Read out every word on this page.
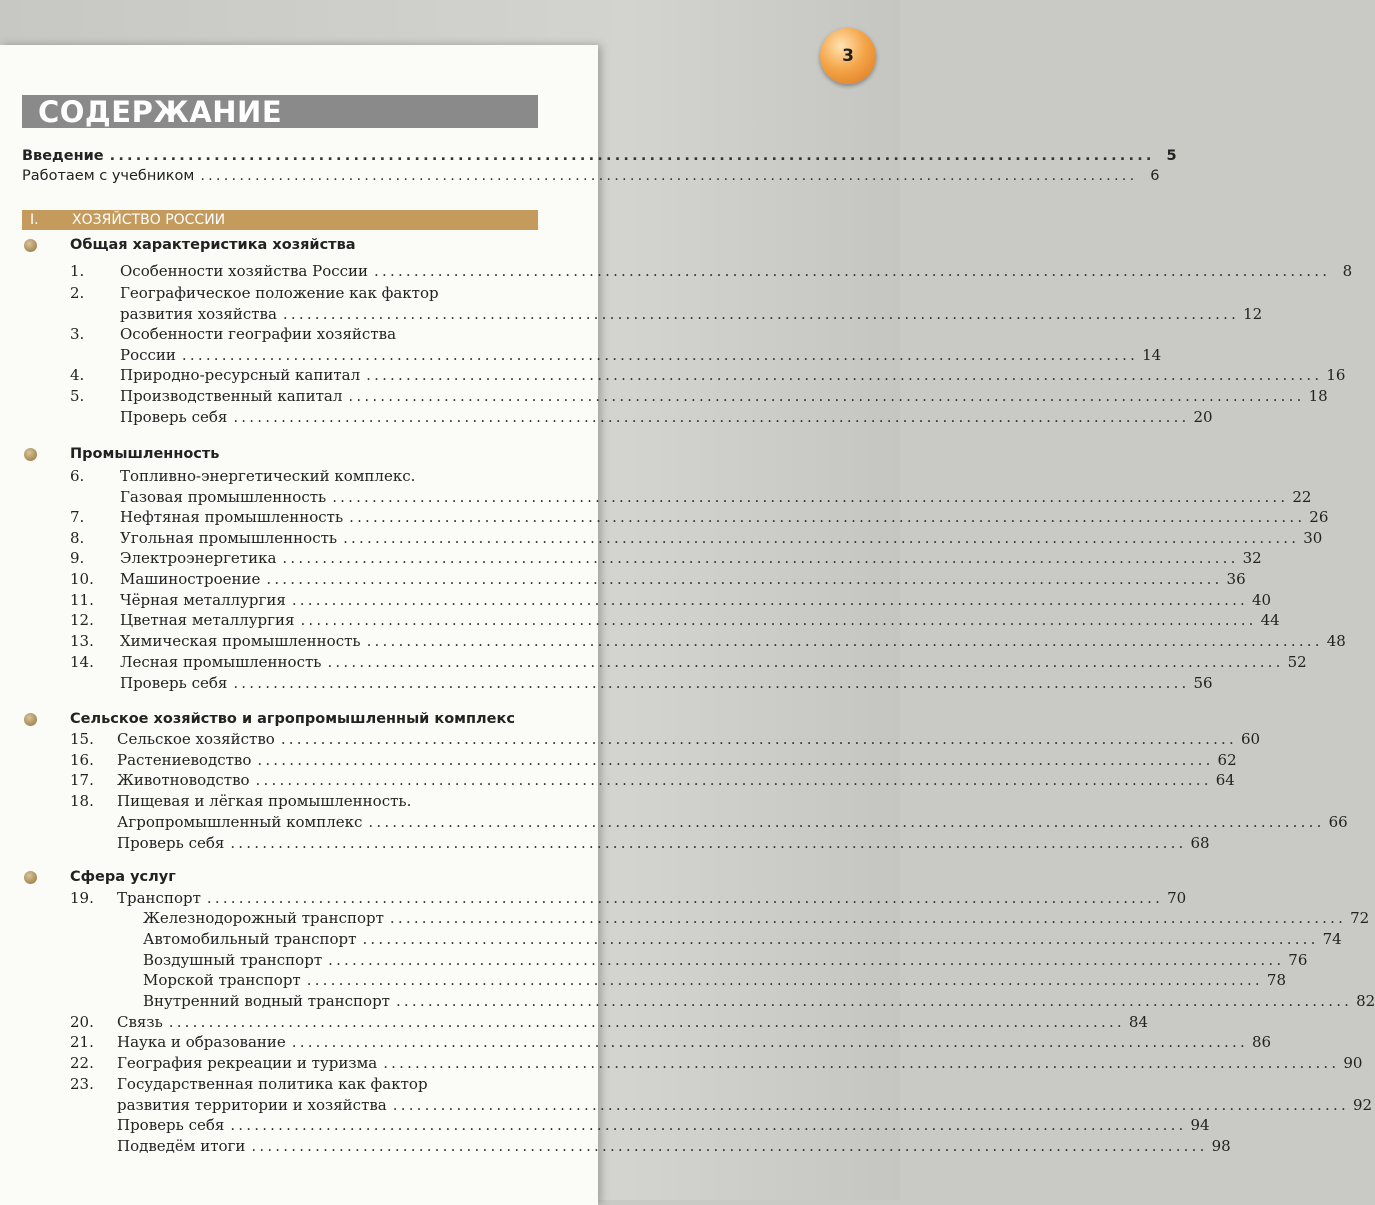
3
СОДЕРЖАНИЕ
Введение ........................................................................................................................ 5
Работаем с учебником ........................................................................................................................ 6
I. ХОЗЯЙСТВО РОССИИ
Общая характеристика хозяйства
1. Особенности хозяйства России ........................................................................................................................ 8
2. Географическое положение как фактор
развития хозяйства ........................................................................................................................ 12
3. Особенности географии хозяйства
России ........................................................................................................................ 14
4. Природно-ресурсный капитал ........................................................................................................................ 16
5. Производственный капитал ........................................................................................................................ 18
Проверь себя ........................................................................................................................ 20
Промышленность
6. Топливно-энергетический комплекс.
Газовая промышленность ........................................................................................................................ 22
7. Нефтяная промышленность ........................................................................................................................ 26
8. Угольная промышленность ........................................................................................................................ 30
9. Электроэнергетика ........................................................................................................................ 32
10. Машиностроение ........................................................................................................................ 36
11. Чёрная металлургия ........................................................................................................................ 40
12. Цветная металлургия ........................................................................................................................ 44
13. Химическая промышленность ........................................................................................................................ 48
14. Лесная промышленность ........................................................................................................................ 52
Проверь себя ........................................................................................................................ 56
Сельское хозяйство и агропромышленный комплекс
15. Сельское хозяйство ........................................................................................................................ 60
16. Растениеводство ........................................................................................................................ 62
17. Животноводство ........................................................................................................................ 64
18. Пищевая и лёгкая промышленность.
Агропромышленный комплекс ........................................................................................................................ 66
Проверь себя ........................................................................................................................ 68
Сфера услуг
19. Транспорт ........................................................................................................................ 70
Железнодорожный транспорт ........................................................................................................................ 72
Автомобильный транспорт ........................................................................................................................ 74
Воздушный транспорт ........................................................................................................................ 76
Морской транспорт ........................................................................................................................ 78
Внутренний водный транспорт ........................................................................................................................ 82
20. Связь ........................................................................................................................ 84
21. Наука и образование ........................................................................................................................ 86
22. География рекреации и туризма ........................................................................................................................ 90
23. Государственная политика как фактор
развития территории и хозяйства ........................................................................................................................ 92
Проверь себя ........................................................................................................................ 94
Подведём итоги ........................................................................................................................ 98
